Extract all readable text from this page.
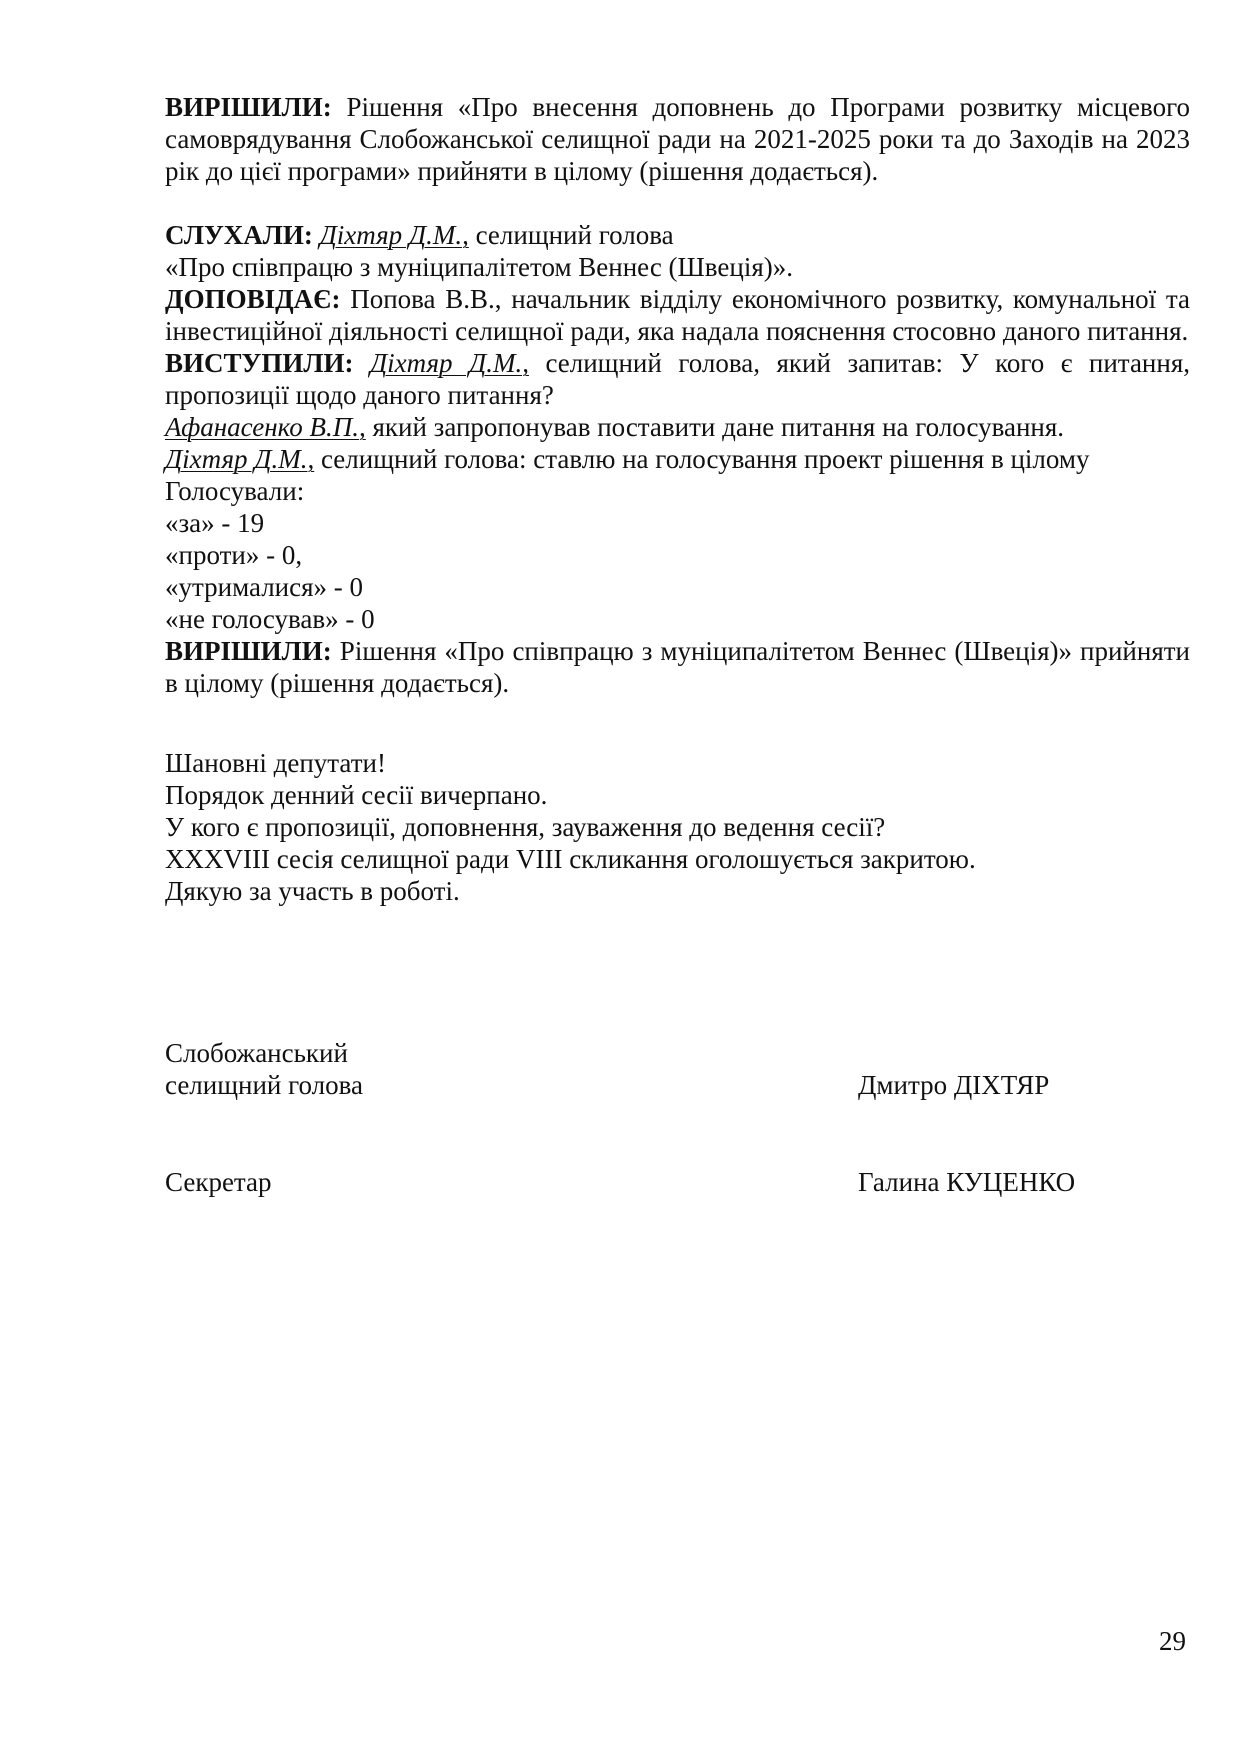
ВИРІШИЛИ: Рішення «Про внесення доповнень до Програми розвитку місцевого самоврядування Слобожанської селищної ради на 2021-2025 роки та до Заходів на 2023 рік до цієї програми» прийняти в цілому (рішення додається).
СЛУХАЛИ: Діхтяр Д.М., селищний голова
«Про співпрацю з муніципалітетом Веннес (Швеція)».
ДОПОВІДАЄ: Попова В.В., начальник відділу економічного розвитку, комунальної та інвестиційної діяльності селищної ради, яка надала пояснення стосовно даного питання.
ВИСТУПИЛИ: Діхтяр Д.М., селищний голова, який запитав: У кого є питання, пропозиції щодо даного питання?
Афанасенко В.П., який запропонував поставити дане питання на голосування.
Діхтяр Д.М., селищний голова: ставлю на голосування проект рішення в цілому
Голосували:
«за» - 19
«проти» - 0,
«утрималися» - 0
«не голосував» - 0
ВИРІШИЛИ: Рішення «Про співпрацю з муніципалітетом Веннес (Швеція)» прийняти в цілому (рішення додається).
Шановні депутати!
Порядок денний сесії вичерпано.
У кого є пропозиції, доповнення, зауваження до ведення сесії?
XXXVIII сесія селищної ради VIII скликання оголошується закритою.
Дякую за участь в роботі.
Слобожанський
селищний голова	Дмитро ДІХТЯР
Секретар	Галина КУЦЕНКО
29
